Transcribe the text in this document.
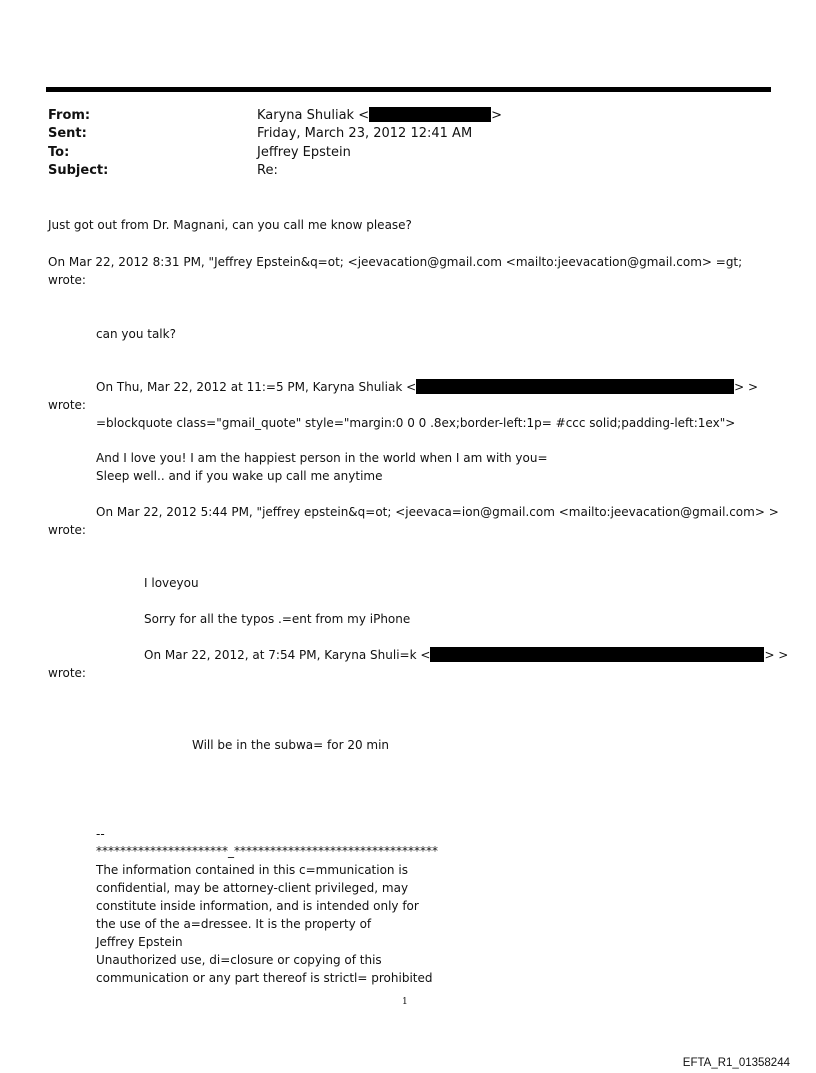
From:	Karyna Shuliak <	>
Sent:	Friday, March 23, 2012 12:41 AM
To:	Jeffrey Epstein
Subject:	Re:
Just got out from Dr. Magnani, can you call me know please?
On Mar 22, 2012 8:31 PM, "Jeffrey Epstein&q=ot; <jeevacation@gmail.com <mailto:jeevacation@gmail.com> =gt;
wrote:
can you talk?
On Thu, Mar 22, 2012 at 11:=5 PM, Karyna Shuliak <	> >
wrote:
=blockquote class="gmail_quote" style="margin:0 0 0 .8ex;border-left:1p= #ccc solid;padding-left:1ex">
And I love you! I am the happiest person in the world when I am with you=
Sleep well.. and if you wake up call me anytime
On Mar 22, 2012 5:44 PM, "jeffrey epstein&q=ot; <jeevaca=ion@gmail.com <mailto:jeevacation@gmail.com> >
wrote:
I loveyou
Sorry for all the typos .=ent from my iPhone
On Mar 22, 2012, at 7:54 PM, Karyna Shuli=k <	> >
wrote:
Will be in the subwa= for 20 min
--
**********************_**********************************
The information contained in this c=mmunication is
confidential, may be attorney-client privileged, may
constitute inside information, and is intended only for
the use of the a=dressee. It is the property of
Jeffrey Epstein
Unauthorized use, di=closure or copying of this
communication or any part thereof is strictl= prohibited
1
EFTA_R1_01358244
